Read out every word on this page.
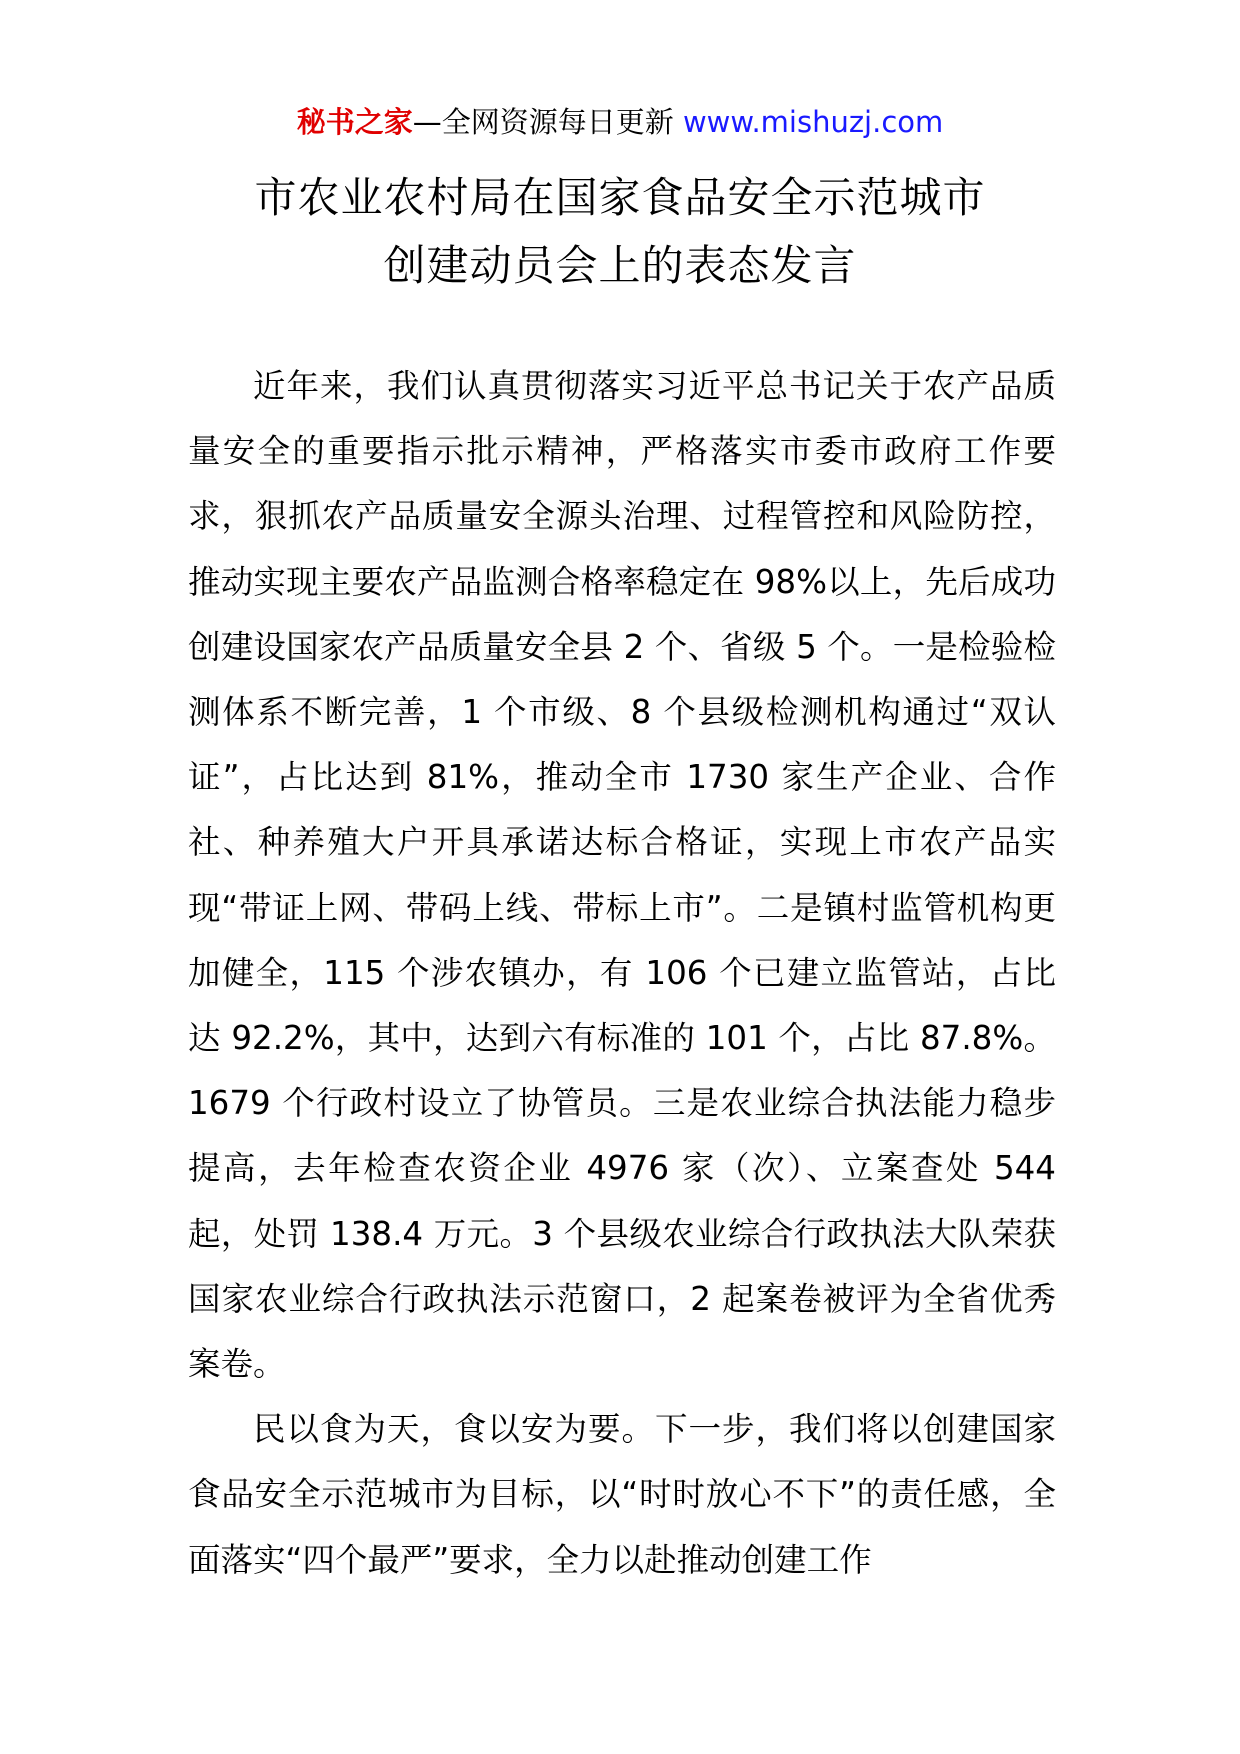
秘书之家—全网资源每日更新 www.mishuzj.com
市农业农村局在国家食品安全示范城市
创建动员会上的表态发言

近年来，我们认真贯彻落实习近平总书记关于农产品质量安全的重要指示批示精神，严格落实市委市政府工作要求，狠抓农产品质量安全源头治理、过程管控和风险防控，推动实现主要农产品监测合格率稳定在 98%以上，先后成功创建设国家农产品质量安全县 2 个、省级 5 个。一是检验检测体系不断完善，1 个市级、8 个县级检测机构通过“双认证”，占比达到 81%，推动全市 1730 家生产企业、合作社、种养殖大户开具承诺达标合格证，实现上市农产品实现“带证上网、带码上线、带标上市”。二是镇村监管机构更加健全，115 个涉农镇办，有 106 个已建立监管站，占比达 92.2%，其中，达到六有标准的 101 个，占比 87.8%。1679 个行政村设立了协管员。三是农业综合执法能力稳步提高，去年检查农资企业 4976 家（次）、立案查处 544 起，处罚 138.4 万元。3 个县级农业综合行政执法大队荣获国家农业综合行政执法示范窗口，2 起案卷被评为全省优秀案卷。

民以食为天，食以安为要。下一步，我们将以创建国家食品安全示范城市为目标，以“时时放心不下”的责任感，全面落实“四个最严”要求，全力以赴推动创建工作
